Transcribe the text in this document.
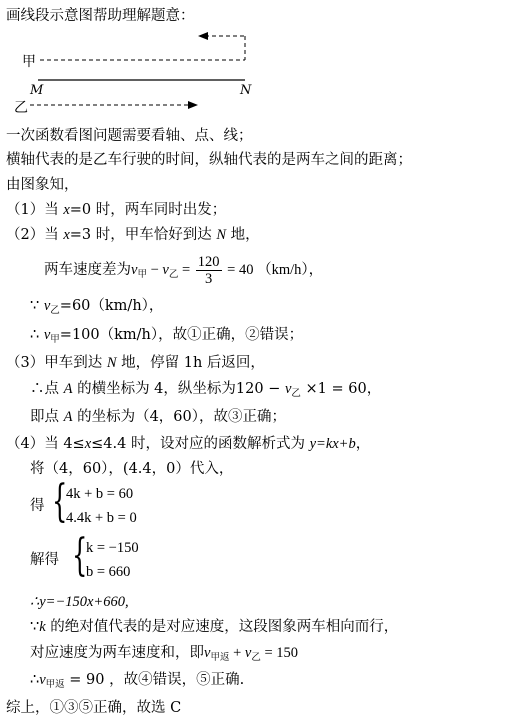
画线段示意图帮助理解题意：
甲
M	N
乙
一次函数看图问题需要看轴、点、线；
横轴代表的是乙车行驶的时间，纵轴代表的是两车之间的距离；
由图象知，
（1）当 x=0 时，两车同时出发；
（2）当 x=3 时，甲车恰好到达 N 地，
两车速度差为$v_甲 - v_乙 = \frac{120}{3} = 40$ （km/h），
∵ $v_乙=60(km/h)$，
∴ $v_甲=100(km/h)$，故①正确，②错误；
（3）甲车到达 N 地，停留 1h 后返回，
∴点 A 的横坐标为 4，纵坐标为$120 - v_乙 \times 1 = 60$，
即点 A 的坐标为（4，60），故③正确；
（4）当 4≤x≤4.4 时，设对应的函数解析式为 y=kx+b，
将（4，60），(4.4，0）代入，
得 {
4k + b = 60
4.4k + b = 0
解得 {
k = −150
b = 660
∴y=−150x+660,
∵k 的绝对值代表的是对应速度，这段图象两车相向而行，
对应速度为两车速度和，即$v_{甲返} + v_乙 = 150$
$\therefore v_{甲返} = 90$ ，故④错误，⑤正确.
综上，①③⑤正确，故选 C
